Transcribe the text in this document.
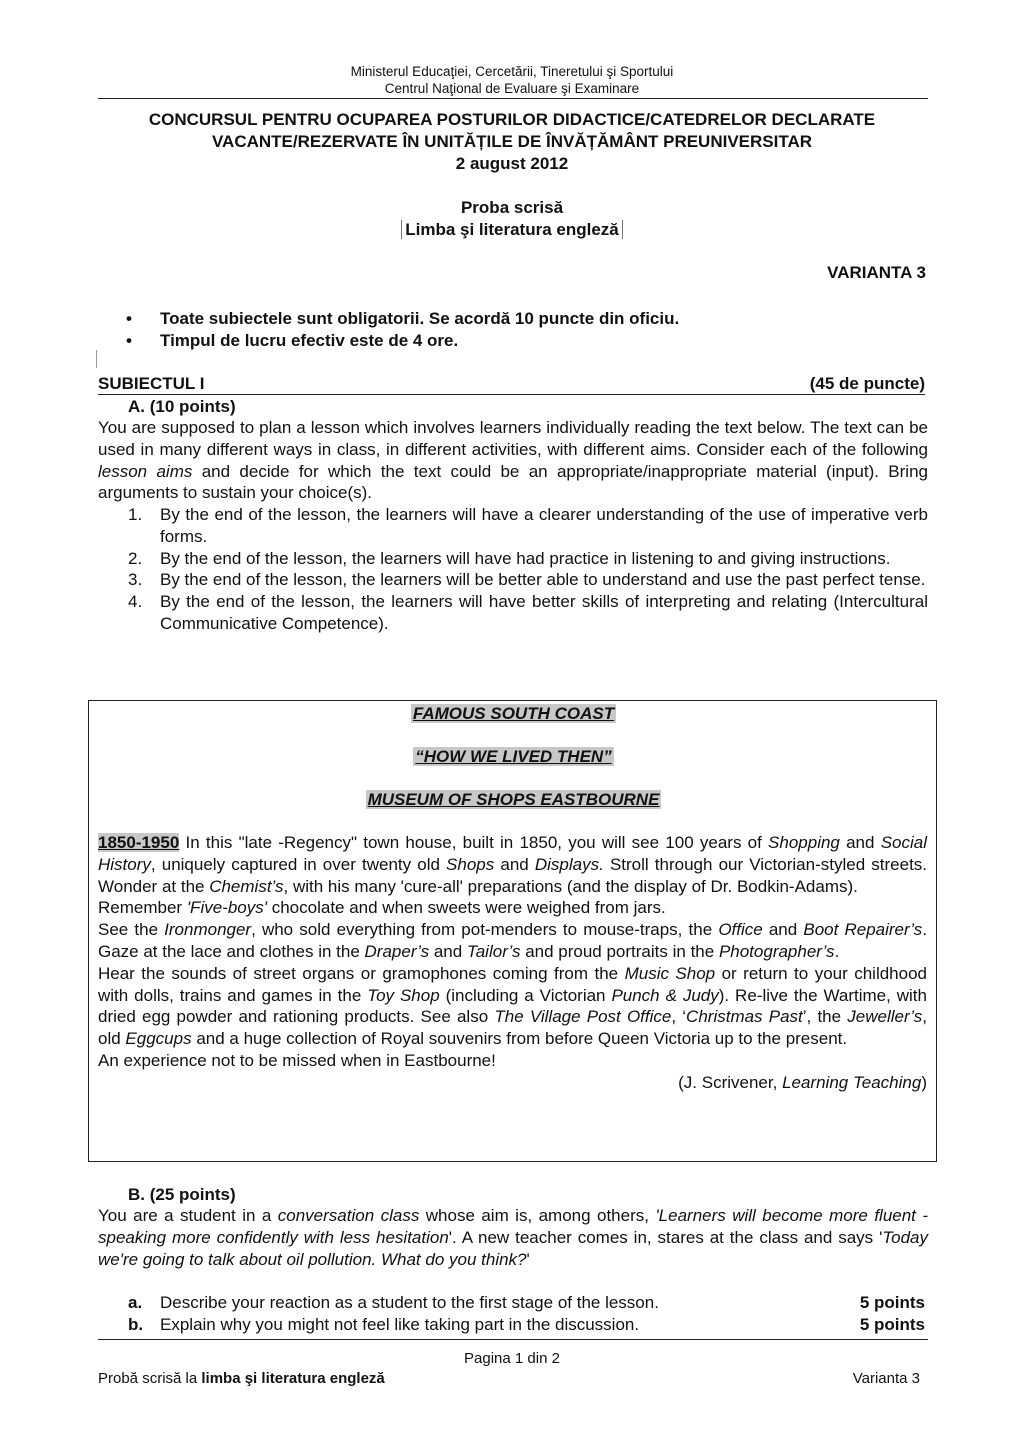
Ministerul Educaţiei, Cercetării, Tineretului şi Sportului
Centrul Naţional de Evaluare şi Examinare
CONCURSUL PENTRU OCUPAREA POSTURILOR DIDACTICE/CATEDRELOR DECLARATE
VACANTE/REZERVATE ÎN UNITĂȚILE DE ÎNVĂȚĂMÂNT PREUNIVERSITAR
2 august 2012
Proba scrisă
Limba şi literatura engleză
VARIANTA 3
• Toate subiectele sunt obligatorii. Se acordă 10 puncte din oficiu.
• Timpul de lucru efectiv este de 4 ore.
SUBIECTUL I	(45 de puncte)
A. (10 points)
You are supposed to plan a lesson which involves learners individually reading the text below. The text can be used in many different ways in class, in different activities, with different aims. Consider each of the following lesson aims and decide for which the text could be an appropriate/inappropriate material (input). Bring arguments to sustain your choice(s).
1. By the end of the lesson, the learners will have a clearer understanding of the use of imperative verb forms.
2. By the end of the lesson, the learners will have had practice in listening to and giving instructions.
3. By the end of the lesson, the learners will be better able to understand and use the past perfect tense.
4. By the end of the lesson, the learners will have better skills of interpreting and relating (Intercultural Communicative Competence).
FAMOUS SOUTH COAST
“HOW WE LIVED THEN”
MUSEUM OF SHOPS EASTBOURNE

1850-1950 In this "late -Regency" town house, built in 1850, you will see 100 years of Shopping and Social History, uniquely captured in over twenty old Shops and Displays. Stroll through our Victorian-styled streets. Wonder at the Chemist’s, with his many 'cure-all' preparations (and the display of Dr. Bodkin-Adams).

Remember 'Five-boys' chocolate and when sweets were weighed from jars.

See the Ironmonger, who sold everything from pot-menders to mouse-traps, the Office and Boot Repairer’s. Gaze at the lace and clothes in the Draper’s and Tailor’s and proud portraits in the Photographer’s.

Hear the sounds of street organs or gramophones coming from the Music Shop or return to your childhood with dolls, trains and games in the Toy Shop (including a Victorian Punch & Judy). Re-live the Wartime, with dried egg powder and rationing products. See also The Village Post Office, ‘Christmas Past’, the Jeweller’s, old Eggcups and a huge collection of Royal souvenirs from before Queen Victoria up to the present.

An experience not to be missed when in Eastbourne!

(J. Scrivener, Learning Teaching)

B. (25 points)
You are a student in a conversation class whose aim is, among others, 'Learners will become more fluent - speaking more confidently with less hesitation'. A new teacher comes in, stares at the class and says 'Today we're going to talk about oil pollution. What do you think?'
a. Describe your reaction as a student to the first stage of the lesson.	5 points
b. Explain why you might not feel like taking part in the discussion.	5 points
Pagina 1 din 2
Probă scrisă la limba şi literatura engleză	Varianta 3
